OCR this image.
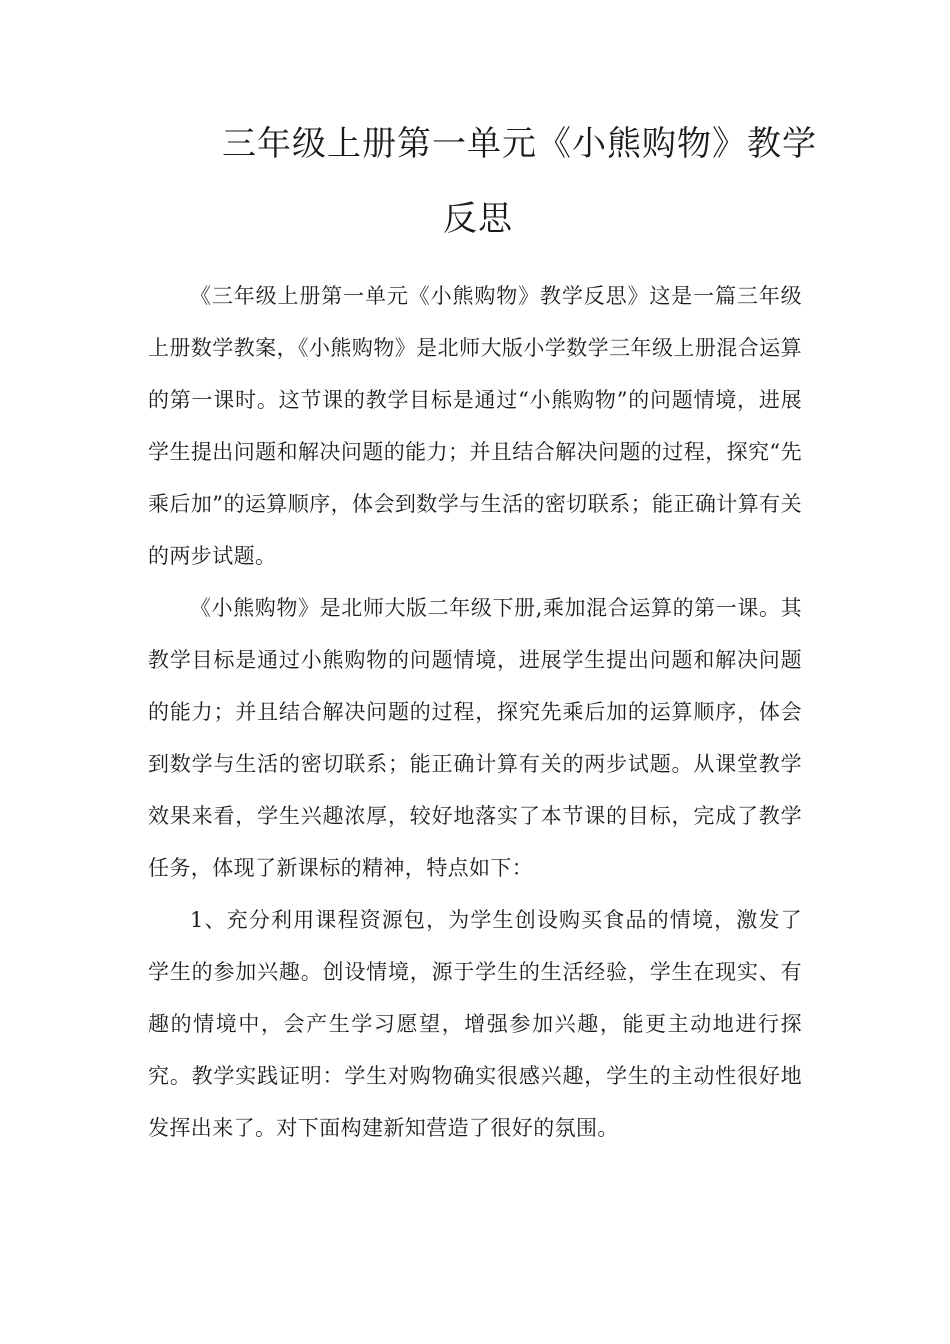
三年级上册第一单元《小熊购物》教学
反思

《三年级上册第一单元《小熊购物》教学反思》这是一篇三年级上册数学教案，《小熊购物》是北师大版小学数学三年级上册混合运算的第一课时。这节课的教学目标是通过“小熊购物”的问题情境，进展学生提出问题和解决问题的能力；并且结合解决问题的过程，探究“先乘后加”的运算顺序，体会到数学与生活的密切联系；能正确计算有关的两步试题。

《小熊购物》是北师大版二年级下册,乘加混合运算的第一课。其教学目标是通过小熊购物的问题情境，进展学生提出问题和解决问题的能力；并且结合解决问题的过程，探究先乘后加的运算顺序，体会到数学与生活的密切联系；能正确计算有关的两步试题。从课堂教学效果来看，学生兴趣浓厚，较好地落实了本节课的目标，完成了教学任务，体现了新课标的精神，特点如下：

1、充分利用课程资源包，为学生创设购买食品的情境，激发了学生的参加兴趣。创设情境，源于学生的生活经验，学生在现实、有趣的情境中，会产生学习愿望，增强参加兴趣，能更主动地进行探究。教学实践证明：学生对购物确实很感兴趣，学生的主动性很好地发挥出来了。对下面构建新知营造了很好的氛围。
